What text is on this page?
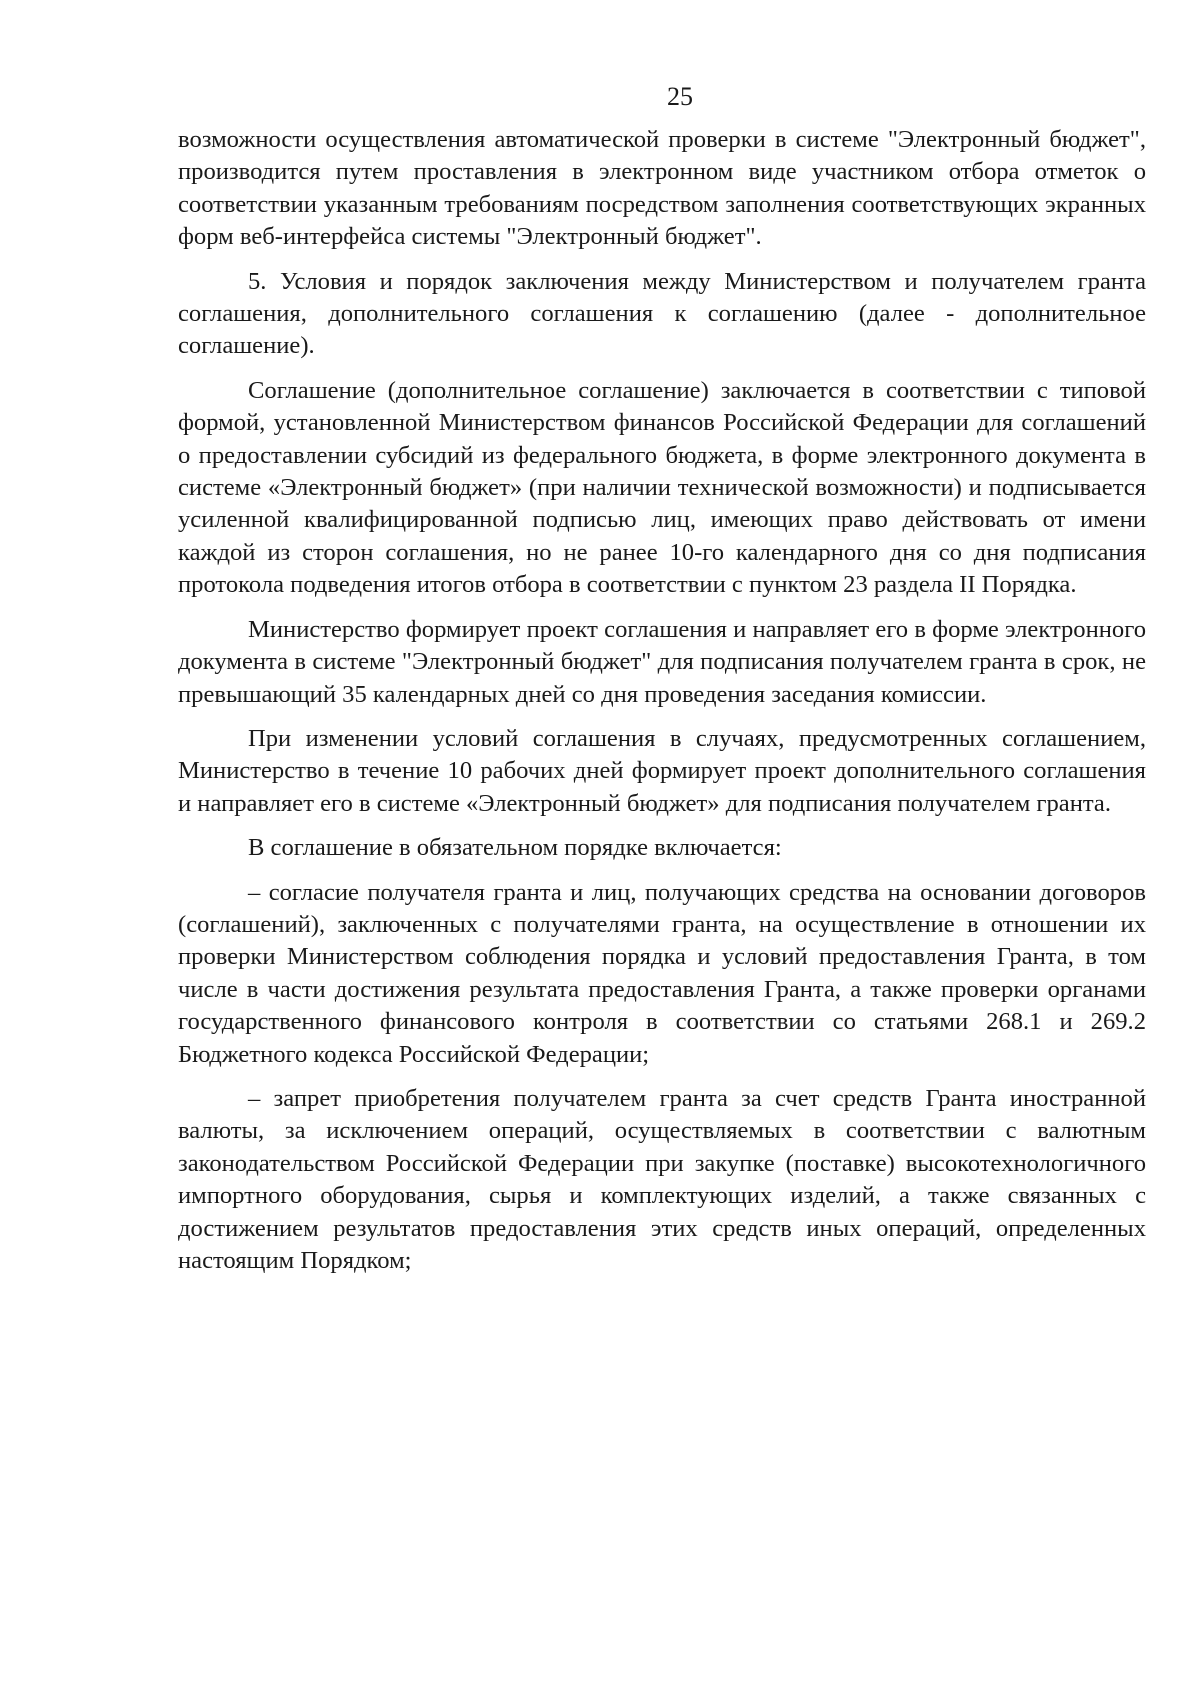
25

возможности осуществления автоматической проверки в системе "Электронный бюджет", производится путем проставления в электронном виде участником отбора отметок о соответствии указанным требованиям посредством заполнения соответствующих экранных форм веб-интерфейса системы "Электронный бюджет".

5. Условия и порядок заключения между Министерством и получателем гранта соглашения, дополнительного соглашения к соглашению (далее - дополнительное соглашение).

Соглашение (дополнительное соглашение) заключается в соответствии с типовой формой, установленной Министерством финансов Российской Федерации для соглашений о предоставлении субсидий из федерального бюджета, в форме электронного документа в системе «Электронный бюджет» (при наличии технической возможности) и подписывается усиленной квалифицированной подписью лиц, имеющих право действовать от имени каждой из сторон соглашения, но не ранее 10-го календарного дня со дня подписания протокола подведения итогов отбора в соответствии с пунктом 23 раздела II Порядка.

Министерство формирует проект соглашения и направляет его в форме электронного документа в системе "Электронный бюджет" для подписания получателем гранта в срок, не превышающий 35 календарных дней со дня проведения заседания комиссии.

При изменении условий соглашения в случаях, предусмотренных соглашением, Министерство в течение 10 рабочих дней формирует проект дополнительного соглашения и направляет его в системе «Электронный бюджет» для подписания получателем гранта.

В соглашение в обязательном порядке включается:

– согласие получателя гранта и лиц, получающих средства на основании договоров (соглашений), заключенных с получателями гранта, на осуществление в отношении их проверки Министерством соблюдения порядка и условий предоставления Гранта, в том числе в части достижения результата предоставления Гранта, а также проверки органами государственного финансового контроля в соответствии со статьями 268.1 и 269.2 Бюджетного кодекса Российской Федерации;

– запрет приобретения получателем гранта за счет средств Гранта иностранной валюты, за исключением операций, осуществляемых в соответствии с валютным законодательством Российской Федерации при закупке (поставке) высокотехнологичного импортного оборудования, сырья и комплектующих изделий, а также связанных с достижением результатов предоставления этих средств иных операций, определенных настоящим Порядком;
